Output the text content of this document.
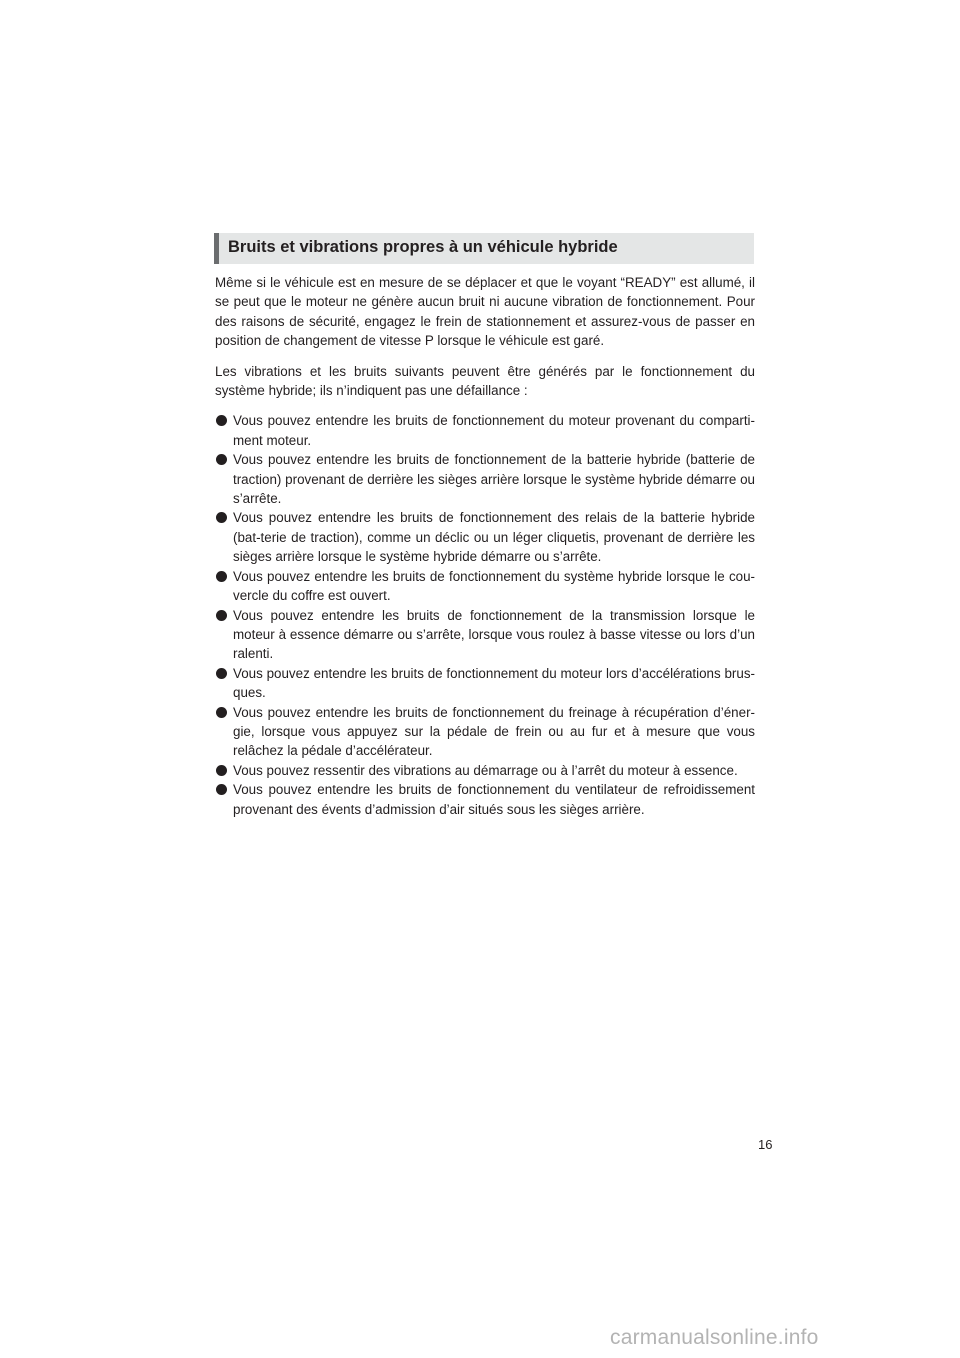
Bruits et vibrations propres à un véhicule hybride

Même si le véhicule est en mesure de se déplacer et que le voyant “READY” est allumé, il se peut que le moteur ne génère aucun bruit ni aucune vibration de fonctionnement. Pour des raisons de sécurité, engagez le frein de stationnement et assurez-vous de passer en position de changement de vitesse P lorsque le véhicule est garé.

Les vibrations et les bruits suivants peuvent être générés par le fonctionnement du système hybride; ils n’indiquent pas une défaillance :

Vous pouvez entendre les bruits de fonctionnement du moteur provenant du comparti-ment moteur.
Vous pouvez entendre les bruits de fonctionnement de la batterie hybride (batterie de traction) provenant de derrière les sièges arrière lorsque le système hybride démarre ou s’arrête.
Vous pouvez entendre les bruits de fonctionnement des relais de la batterie hybride (bat-terie de traction), comme un déclic ou un léger cliquetis, provenant de derrière les sièges arrière lorsque le système hybride démarre ou s’arrête.
Vous pouvez entendre les bruits de fonctionnement du système hybride lorsque le cou-vercle du coffre est ouvert.
Vous pouvez entendre les bruits de fonctionnement de la transmission lorsque le moteur à essence démarre ou s’arrête, lorsque vous roulez à basse vitesse ou lors d’un ralenti.
Vous pouvez entendre les bruits de fonctionnement du moteur lors d’accélérations brus-ques.
Vous pouvez entendre les bruits de fonctionnement du freinage à récupération d’éner-gie, lorsque vous appuyez sur la pédale de frein ou au fur et à mesure que vous relâchez la pédale d’accélérateur.
Vous pouvez ressentir des vibrations au démarrage ou à l’arrêt du moteur à essence.
Vous pouvez entendre les bruits de fonctionnement du ventilateur de refroidissement provenant des évents d’admission d’air situés sous les sièges arrière.
16
carmanualsonline.info
